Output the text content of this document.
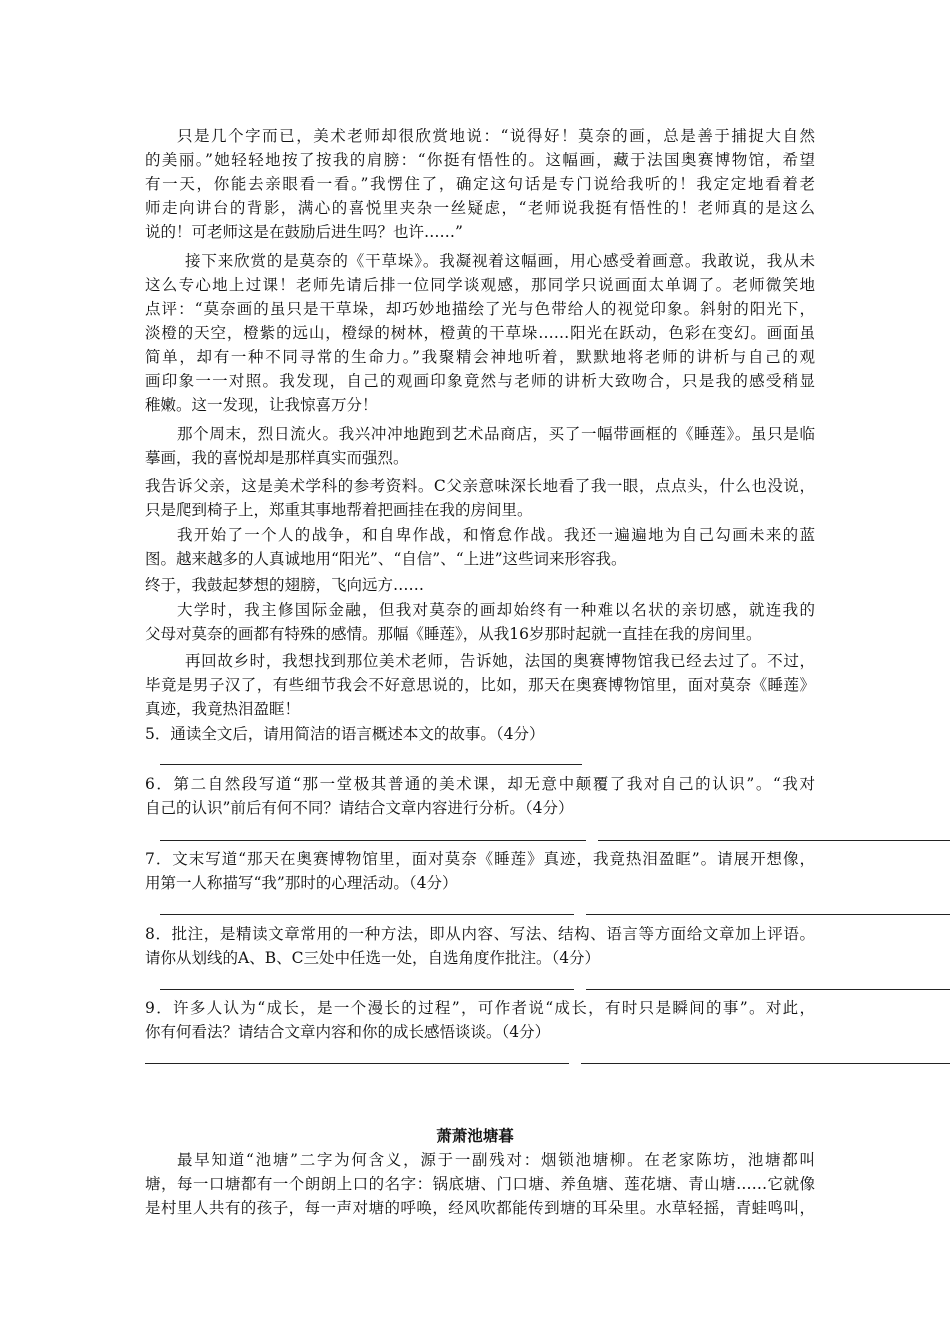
只是几个字而已，美术老师却很欣赏地说：“说得好！莫奈的画，总是善于捕捉大自然
的美丽。”她轻轻地按了按我的肩膀：“你挺有悟性的。这幅画，藏于法国奥赛博物馆，希望
有一天，你能去亲眼看一看。”我愣住了，确定这句话是专门说给我听的！我定定地看着老
师走向讲台的背影，满心的喜悦里夹杂一丝疑虑，“老师说我挺有悟性的！老师真的是这么
说的！可老师这是在鼓励后进生吗？也许……”
接下来欣赏的是莫奈的《干草垛》。我凝视着这幅画，用心感受着画意。我敢说，我从未
这么专心地上过课！老师先请后排一位同学谈观感，那同学只说画面太单调了。老师微笑地
点评：“莫奈画的虽只是干草垛，却巧妙地描绘了光与色带给人的视觉印象。斜射的阳光下，
淡橙的天空，橙紫的远山，橙绿的树林，橙黄的干草垛……阳光在跃动，色彩在变幻。画面虽
简单，却有一种不同寻常的生命力。”我聚精会神地听着，默默地将老师的讲析与自己的观
画印象一一对照。我发现，自己的观画印象竟然与老师的讲析大致吻合，只是我的感受稍显
稚嫩。这一发现，让我惊喜万分！
那个周末，烈日流火。我兴冲冲地跑到艺术品商店，买了一幅带画框的《睡莲》。虽只是临
摹画，我的喜悦却是那样真实而强烈。
我告诉父亲，这是美术学科的参考资料。C父亲意味深长地看了我一眼，点点头，什么也没说，
只是爬到椅子上，郑重其事地帮着把画挂在我的房间里。
我开始了一个人的战争，和自卑作战，和惰怠作战。我还一遍遍地为自己勾画未来的蓝
图。越来越多的人真诚地用“阳光”、“自信”、“上进”这些词来形容我。
终于，我鼓起梦想的翅膀，飞向远方……
大学时，我主修国际金融，但我对莫奈的画却始终有一种难以名状的亲切感，就连我的
父母对莫奈的画都有特殊的感情。那幅《睡莲》，从我16岁那时起就一直挂在我的房间里。
再回故乡时，我想找到那位美术老师，告诉她，法国的奥赛博物馆我已经去过了。不过，
毕竟是男子汉了，有些细节我会不好意思说的，比如，那天在奥赛博物馆里，面对莫奈《睡莲》
真迹，我竟热泪盈眶！
5．通读全文后，请用简洁的语言概述本文的故事。（4分）
6．第二自然段写道“那一堂极其普通的美术课，却无意中颠覆了我对自己的认识”。“我对
自己的认识”前后有何不同？请结合文章内容进行分析。（4分）
7．文末写道“那天在奥赛博物馆里，面对莫奈《睡莲》真迹，我竟热泪盈眶”。请展开想像，
用第一人称描写“我”那时的心理活动。（4分）
8．批注，是精读文章常用的一种方法，即从内容、写法、结构、语言等方面给文章加上评语。
请你从划线的A、B、C三处中任选一处，自选角度作批注。（4分）
9．许多人认为“成长，是一个漫长的过程”，可作者说“成长，有时只是瞬间的事”。对此，
你有何看法？请结合文章内容和你的成长感悟谈谈。（4分）
萧萧池塘暮
最早知道“池塘”二字为何含义，源于一副残对：烟锁池塘柳。在老家陈坊，池塘都叫
塘，每一口塘都有一个朗朗上口的名字：锅底塘、门口塘、养鱼塘、莲花塘、青山塘……它就像
是村里人共有的孩子，每一声对塘的呼唤，经风吹都能传到塘的耳朵里。水草轻摇，青蛙鸣叫，
